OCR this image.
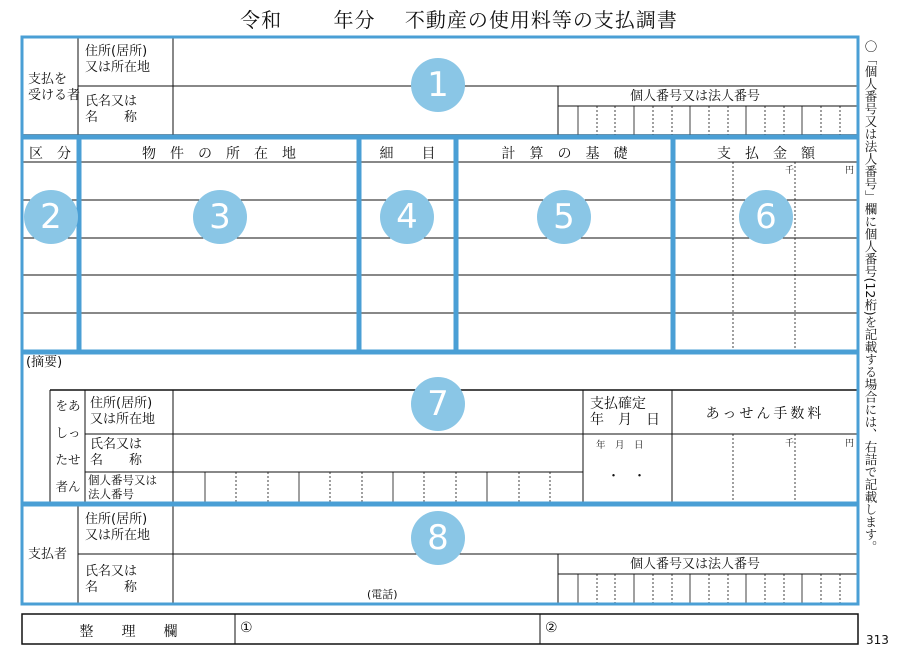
令和	年分 不動産の使用料等の支払調書
支払を
受ける者
住所(居所)
又は所在地
氏名又は
名　　称
個人番号又は法人番号
区　分	物　件　の　所　在　地	細　　目	計　算　の　基　礎	支　払　金　額
千	円
(摘要)
をあ
しっ
たせ
者ん
住所(居所)
又は所在地
氏名又は
名　　称
個人番号又は
法人番号
支払確定
年　月　日
年　月　日
・　・
あっせん手数料
千	円
支払者
住所(居所)
又は所在地
氏名又は
名　　称	(電話)
個人番号又は法人番号
整　　理　　欄	①	②
〇「個人番号又は法人番号」欄に個人番号(12桁)を記載する場合には、右詰で記載します。
313
1
2	3	4	5	6
7
8
